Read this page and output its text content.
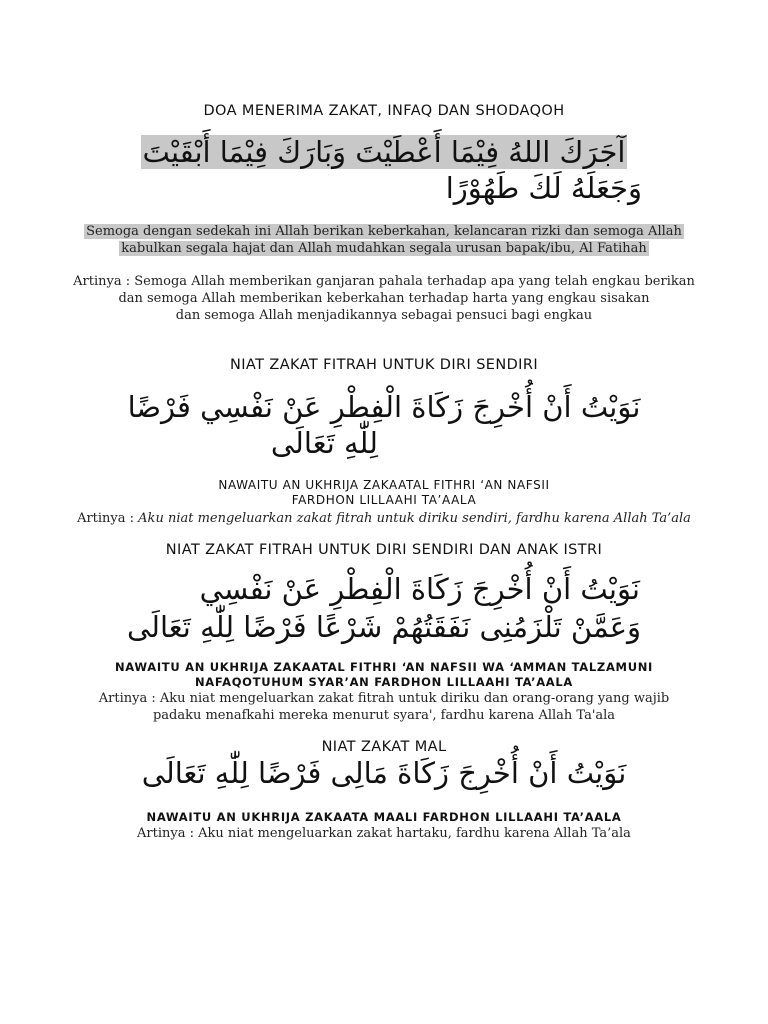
DOA MENERIMA ZAKAT, INFAQ DAN SHODAQOH
آجَرَكَ اللهُ فِيْمَا أَعْطَيْتَ وَبَارَكَ فِيْمَا أَبْقَيْتَ
وَجَعَلَهُ لَكَ طَهُوْرًا
Semoga dengan sedekah ini Allah berikan keberkahan, kelancaran rizki dan semoga Allah
kabulkan segala hajat dan Allah mudahkan segala urusan bapak/ibu, Al Fatihah
Artinya : Semoga Allah memberikan ganjaran pahala terhadap apa yang telah engkau berikan
dan semoga Allah memberikan keberkahan terhadap harta yang engkau sisakan
dan semoga Allah menjadikannya sebagai pensuci bagi engkau
NIAT ZAKAT FITRAH UNTUK DIRI SENDIRI
نَوَيْتُ أَنْ أُخْرِجَ زَكَاةَ الْفِطْرِ عَنْ نَفْسِي فَرْضًا
لِلّٰهِ تَعَالَى
NAWAITU AN UKHRIJA ZAKAATAL FITHRI ‘AN NAFSII
FARDHON LILLAAHI TA’AALA
Artinya : Aku niat mengeluarkan zakat fitrah untuk diriku sendiri, fardhu karena Allah Ta’ala
NIAT ZAKAT FITRAH UNTUK DIRI SENDIRI DAN ANAK ISTRI
نَوَيْتُ أَنْ أُخْرِجَ زَكَاةَ الْفِطْرِ عَنْ نَفْسِي
وَعَمَّنْ تَلْزَمُنِى نَفَقَتُهُمْ شَرْعًا فَرْضًا لِلّٰهِ تَعَالَى
NAWAITU AN UKHRIJA ZAKAATAL FITHRI ‘AN NAFSII WA ‘AMMAN TALZAMUNI
NAFAQOTUHUM SYAR’AN FARDHON LILLAAHI TA’AALA
Artinya : Aku niat mengeluarkan zakat fitrah untuk diriku dan orang-orang yang wajib
padaku menafkahi mereka menurut syara', fardhu karena Allah Ta'ala
NIAT ZAKAT MAL
نَوَيْتُ أَنْ أُخْرِجَ زَكَاةَ مَالِى فَرْضًا لِلّٰهِ تَعَالَى
NAWAITU AN UKHRIJA ZAKAATA MAALI FARDHON LILLAAHI TA’AALA
Artinya : Aku niat mengeluarkan zakat hartaku, fardhu karena Allah Ta’ala
